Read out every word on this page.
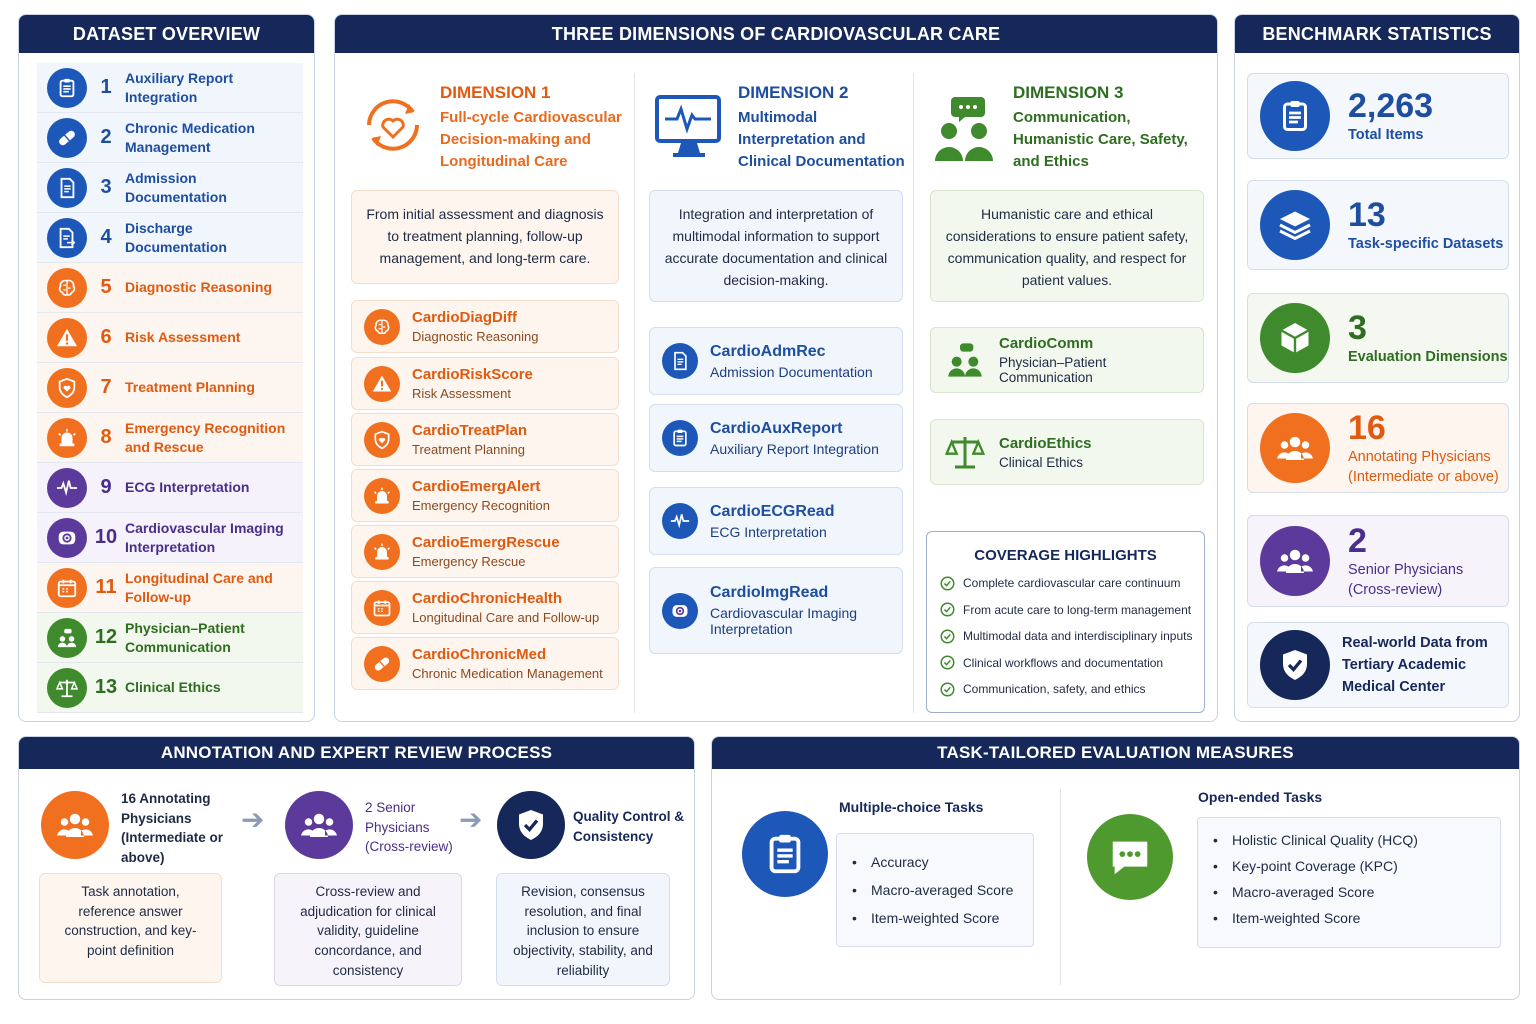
DATASET OVERVIEW
1 Auxiliary Report Integration
2 Chronic Medication Management
3 Admission Documentation
4 Discharge Documentation
5 Diagnostic Reasoning
6 Risk Assessment
7 Treatment Planning
8 Emergency Recognition and Rescue
9 ECG Interpretation
10 Cardiovascular Imaging Interpretation
11 Longitudinal Care and Follow-up
12 Physician–Patient Communication
13 Clinical Ethics
THREE DIMENSIONS OF CARDIOVASCULAR CARE
DIMENSION 1
Full-cycle Cardiovascular Decision-making and Longitudinal Care
From initial assessment and diagnosis to treatment planning, follow-up management, and long-term care.
CardioDiagDiff
Diagnostic Reasoning
CardioRiskScore
Risk Assessment
CardioTreatPlan
Treatment Planning
CardioEmergAlert
Emergency Recognition
CardioEmergRescue
Emergency Rescue
CardioChronicHealth
Longitudinal Care and Follow-up
CardioChronicMed
Chronic Medication Management
DIMENSION 2
Multimodal Interpretation and Clinical Documentation
Integration and interpretation of multimodal information to support accurate documentation and clinical decision-making.
CardioAdmRec
Admission Documentation
CardioAuxReport
Auxiliary Report Integration
CardioECGRead
ECG Interpretation
CardioImgRead
Cardiovascular Imaging Interpretation
DIMENSION 3
Communication, Humanistic Care, Safety, and Ethics
Humanistic care and ethical considerations to ensure patient safety, communication quality, and respect for patient values.
CardioComm
Physician–Patient Communication
CardioEthics
Clinical Ethics
COVERAGE HIGHLIGHTS
Complete cardiovascular care continuum
From acute care to long-term management
Multimodal data and interdisciplinary inputs
Clinical workflows and documentation
Communication, safety, and ethics
BENCHMARK STATISTICS
2,263
Total Items
13
Task-specific Datasets
3
Evaluation Dimensions
16
Annotating Physicians (Intermediate or above)
2
Senior Physicians (Cross-review)
Real-world Data from Tertiary Academic Medical Center
ANNOTATION AND EXPERT REVIEW PROCESS
16 Annotating Physicians (Intermediate or above)
➔	2 Senior Physicians (Cross-review)
➔	Quality Control & Consistency
Task annotation, reference answer construction, and key-point definition
Cross-review and adjudication for clinical validity, guideline concordance, and consistency
Revision, consensus resolution, and final inclusion to ensure objectivity, stability, and reliability
TASK-TAILORED EVALUATION MEASURES
Multiple-choice Tasks
• Accuracy
• Macro-averaged Score
• Item-weighted Score
Open-ended Tasks
• Holistic Clinical Quality (HCQ)
• Key-point Coverage (KPC)
• Macro-averaged Score
• Item-weighted Score
